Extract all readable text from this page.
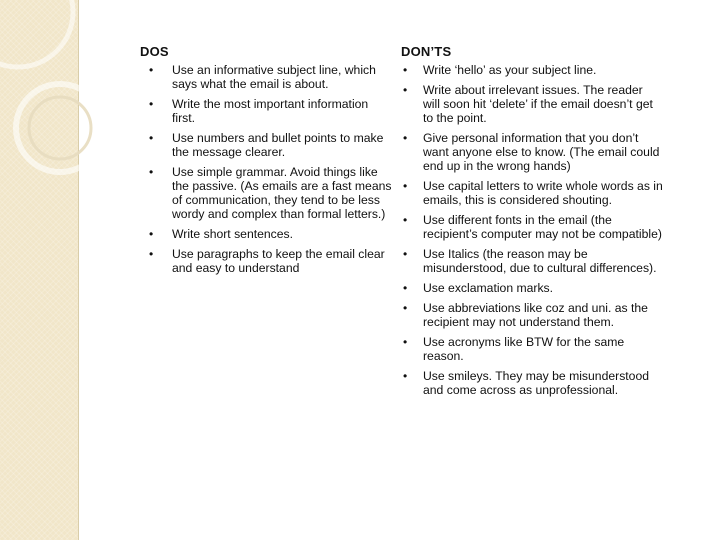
DOS
• Use an informative subject line, which says what the email is about.
• Write the most important information first.
• Use numbers and bullet points to make the message clearer.
• Use simple grammar. Avoid things like the passive. (As emails are a fast means of communication, they tend to be less wordy and complex than formal letters.)
• Write short sentences.
• Use paragraphs to keep the email clear and easy to understand
DON’TS
• Write ‘hello’ as your subject line.
• Write about irrelevant issues. The reader will soon hit ‘delete’ if the email doesn’t get to the point.
• Give personal information that you don’t want anyone else to know. (The email could end up in the wrong hands)
• Use capital letters to write whole words as in emails, this is considered shouting.
• Use different fonts in the email (the recipient’s computer may not be compatible)
• Use Italics (the reason may be misunderstood, due to cultural differences).
• Use exclamation marks.
• Use abbreviations like coz and uni. as the recipient may not understand them.
• Use acronyms like BTW for the same reason.
• Use smileys. They may be misunderstood and come across as unprofessional.
